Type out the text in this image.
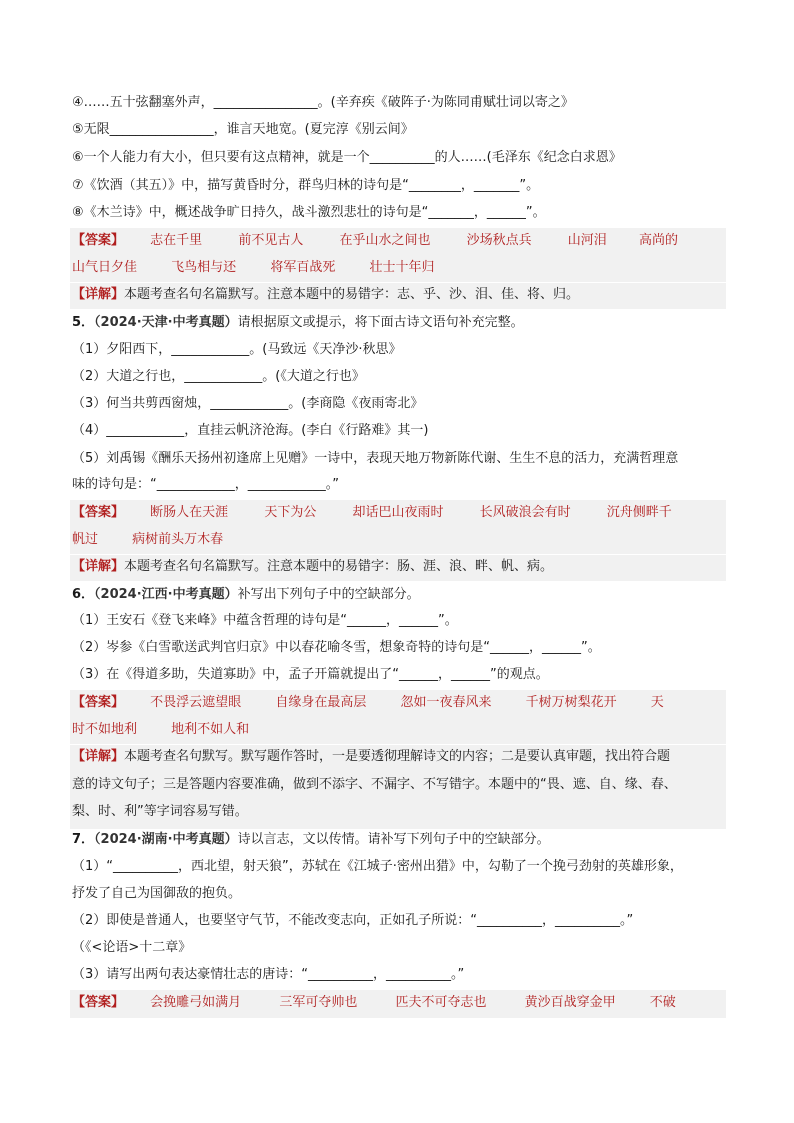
④……五十弦翻塞外声，________________。(辛弃疾《破阵子·为陈同甫赋壮词以寄之》
⑤无限________________，谁言天地宽。(夏完淳《别云间》
⑥一个人能力有大小，但只要有这点精神，就是一个__________的人……(毛泽东《纪念白求恩》
⑦《饮酒（其五）》中，描写黄昏时分，群鸟归林的诗句是“________，_______”。
⑧《木兰诗》中，概述战争旷日持久，战斗激烈悲壮的诗句是“_______，______”。
【答案】 志在千里	前不见古人	在乎山水之间也	沙场秋点兵	山河泪 高尚的
山气日夕佳	飞鸟相与还	将军百战死	壮士十年归
【详解】本题考查名句名篇默写。注意本题中的易错字：志、乎、沙、泪、佳、将、归。
5．（2024·天津·中考真题）请根据原文或提示，将下面古诗文语句补充完整。
（1）夕阳西下，____________。(马致远《天净沙·秋思》
（2）大道之行也，____________。(《大道之行也》
（3）何当共剪西窗烛，____________。(李商隐《夜雨寄北》
（4）____________，直挂云帆济沧海。(李白《行路难》其一)
（5）刘禹锡《酬乐天扬州初逢席上见赠》一诗中，表现天地万物新陈代谢、生生不息的活力，充满哲理意
味的诗句是：“____________，____________。”
【答案】 断肠人在天涯	天下为公	却话巴山夜雨时	长风破浪会有时	沉舟侧畔千
帆过	病树前头万木春
【详解】本题考查名句名篇默写。注意本题中的易错字：肠、涯、浪、畔、帆、病。
6．（2024·江西·中考真题）补写出下列句子中的空缺部分。
（1）王安石《登飞来峰》中蕴含哲理的诗句是“______，______”。
（2）岑参《白雪歌送武判官归京》中以春花喻冬雪，想象奇特的诗句是“______，______”。
（3）在《得道多助，失道寡助》中，孟子开篇就提出了“______，______”的观点。
【答案】 不畏浮云遮望眼	自缘身在最高层	忽如一夜春风来	千树万树梨花开	天
时不如地利	地利不如人和
【详解】本题考查名句默写。默写题作答时，一是要透彻理解诗文的内容；二是要认真审题，找出符合题
意的诗文句子；三是答题内容要准确，做到不添字、不漏字、不写错字。本题中的“畏、遮、自、缘、春、
梨、时、利”等字词容易写错。
7．（2024·湖南·中考真题）诗以言志，文以传情。请补写下列句子中的空缺部分。
（1）“__________，西北望，射天狼”，苏轼在《江城子·密州出猎》中，勾勒了一个挽弓劲射的英雄形象，
抒发了自己为国御敌的抱负。
（2）即使是普通人，也要坚守气节，不能改变志向，正如孔子所说：“__________，__________。”
（《<论语>十二章》
（3）请写出两句表达豪情壮志的唐诗：“__________，__________。”
【答案】 会挽雕弓如满月	三军可夺帅也	匹夫不可夺志也	黄沙百战穿金甲	不破
